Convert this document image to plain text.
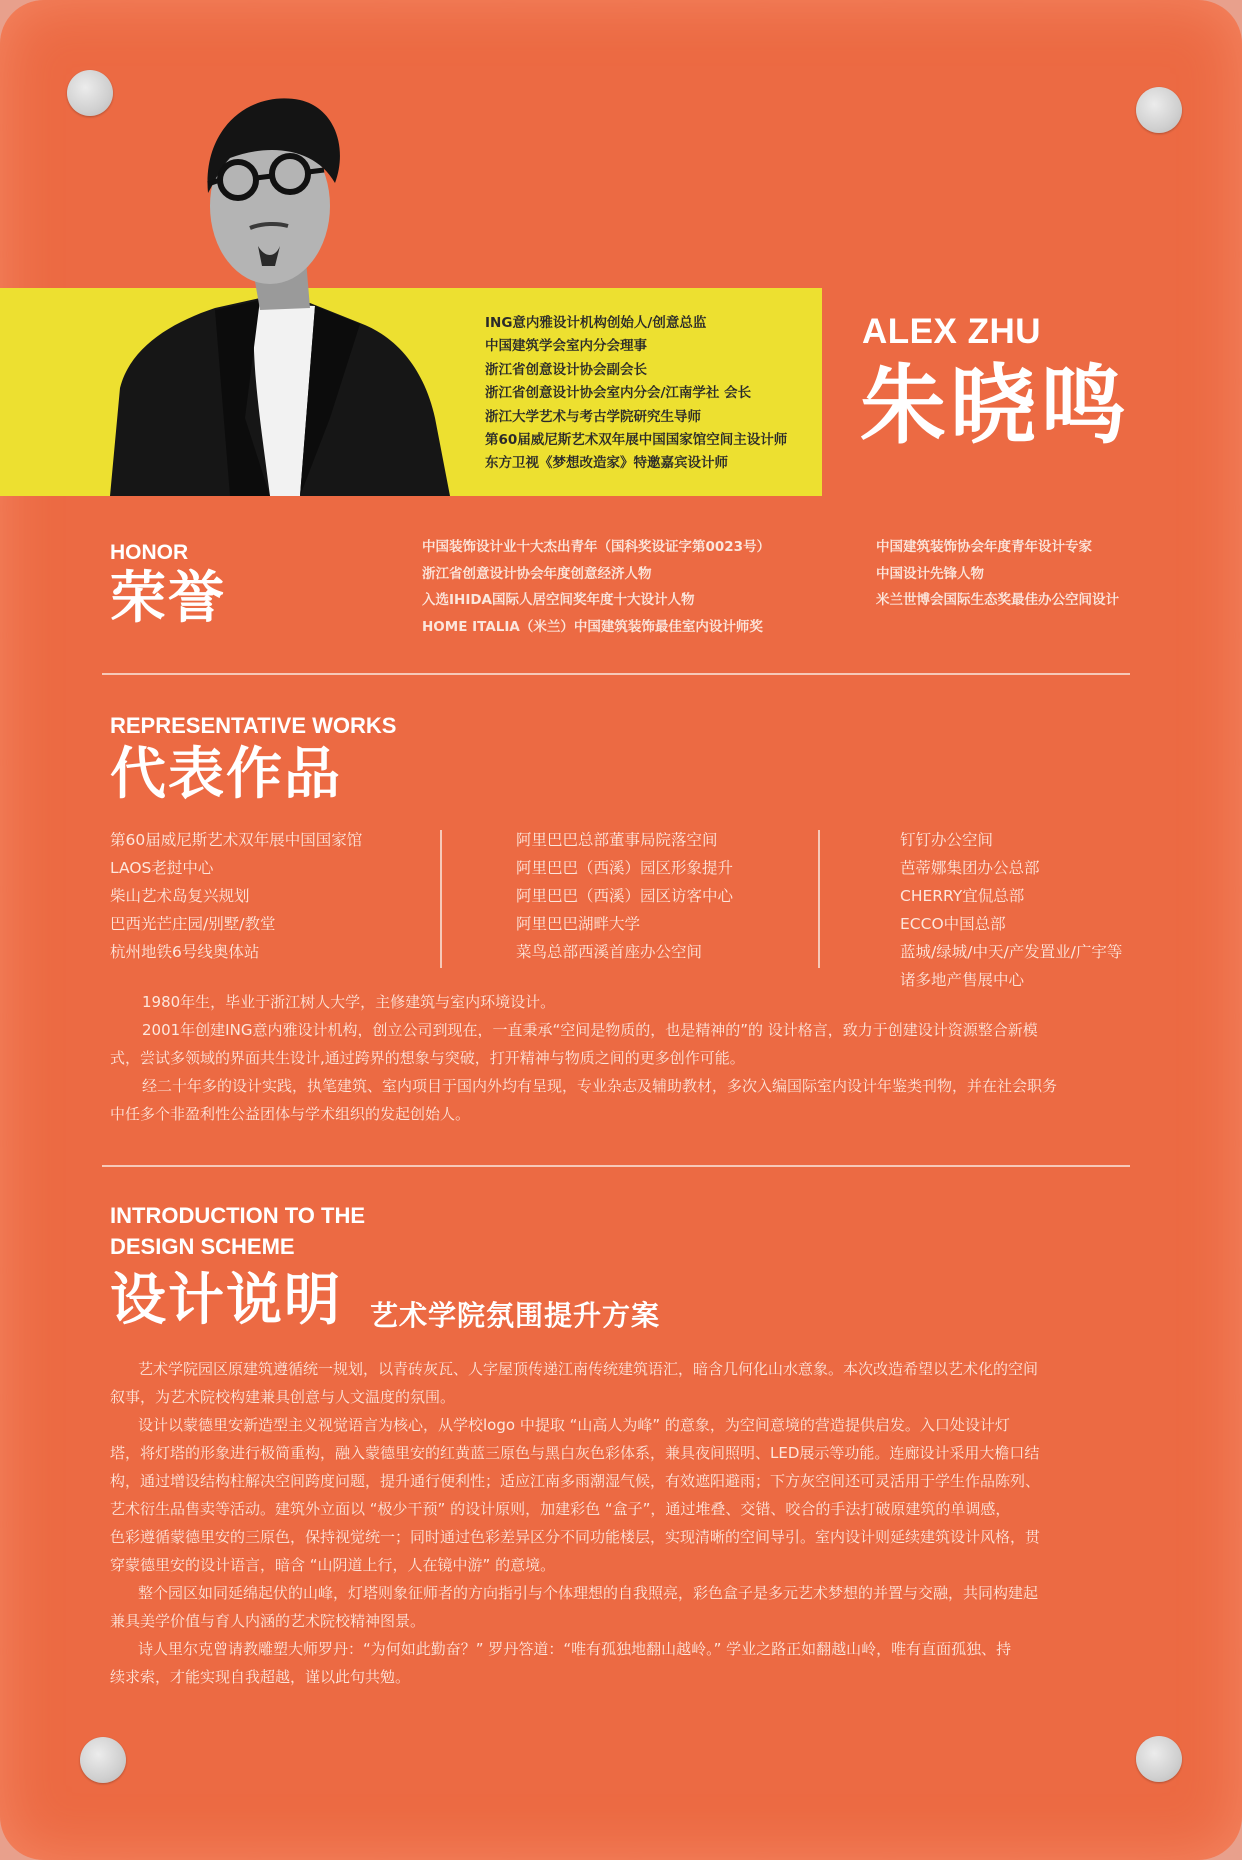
ING意内雅设计机构创始人/创意总监
中国建筑学会室内分会理事
浙江省创意设计协会副会长
浙江省创意设计协会室内分会/江南学社 会长
浙江大学艺术与考古学院研究生导师
第60届威尼斯艺术双年展中国国家馆空间主设计师
东方卫视《梦想改造家》特邀嘉宾设计师
ALEX ZHU
朱晓鸣
HONOR
荣誉
中国装饰设计业十大杰出青年（国科奖设证字第0023号）
浙江省创意设计协会年度创意经济人物
入选IHIDA国际人居空间奖年度十大设计人物
HOME ITALIA（米兰）中国建筑装饰最佳室内设计师奖
中国建筑装饰协会年度青年设计专家
中国设计先锋人物
米兰世博会国际生态奖最佳办公空间设计
REPRESENTATIVE WORKS
代表作品
第60届威尼斯艺术双年展中国国家馆
LAOS老挝中心
柴山艺术岛复兴规划
巴西光芒庄园/别墅/教堂
杭州地铁6号线奥体站
阿里巴巴总部董事局院落空间
阿里巴巴（西溪）园区形象提升
阿里巴巴（西溪）园区访客中心
阿里巴巴湖畔大学
菜鸟总部西溪首座办公空间
钉钉办公空间
芭蒂娜集团办公总部
CHERRY宜侃总部
ECCO中国总部
蓝城/绿城/中天/产发置业/广宇等
诸多地产售展中心
1980年生，毕业于浙江树人大学，主修建筑与室内环境设计。
2001年创建ING意内雅设计机构，创立公司到现在，一直秉承“空间是物质的，也是精神的”的 设计格言，致力于创建设计资源整合新模
式，尝试多领域的界面共生设计,通过跨界的想象与突破，打开精神与物质之间的更多创作可能。
经二十年多的设计实践，执笔建筑、室内项目于国内外均有呈现，专业杂志及辅助教材，多次入编国际室内设计年鉴类刊物，并在社会职务
中任多个非盈利性公益团体与学术组织的发起创始人。
INTRODUCTION TO THE
DESIGN SCHEME
设计说明 艺术学院氛围提升方案
艺术学院园区原建筑遵循统一规划，以青砖灰瓦、人字屋顶传递江南传统建筑语汇，暗含几何化山水意象。本次改造希望以艺术化的空间
叙事，为艺术院校构建兼具创意与人文温度的氛围。
设计以蒙德里安新造型主义视觉语言为核心，从学校logo 中提取 “山高人为峰” 的意象，为空间意境的营造提供启发。入口处设计灯
塔，将灯塔的形象进行极简重构，融入蒙德里安的红黄蓝三原色与黑白灰色彩体系，兼具夜间照明、LED展示等功能。连廊设计采用大檐口结
构，通过增设结构柱解决空间跨度问题，提升通行便利性；适应江南多雨潮湿气候，有效遮阳避雨；下方灰空间还可灵活用于学生作品陈列、
艺术衍生品售卖等活动。建筑外立面以 “极少干预” 的设计原则，加建彩色 “盒子”，通过堆叠、交错、咬合的手法打破原建筑的单调感，
色彩遵循蒙德里安的三原色，保持视觉统一；同时通过色彩差异区分不同功能楼层，实现清晰的空间导引。室内设计则延续建筑设计风格，贯
穿蒙德里安的设计语言，暗含 “山阴道上行，人在镜中游” 的意境。
整个园区如同延绵起伏的山峰，灯塔则象征师者的方向指引与个体理想的自我照亮，彩色盒子是多元艺术梦想的并置与交融，共同构建起
兼具美学价值与育人内涵的艺术院校精神图景。
诗人里尔克曾请教雕塑大师罗丹：“为何如此勤奋？” 罗丹答道：“唯有孤独地翻山越岭。” 学业之路正如翻越山岭，唯有直面孤独、持
续求索，才能实现自我超越，谨以此句共勉。
